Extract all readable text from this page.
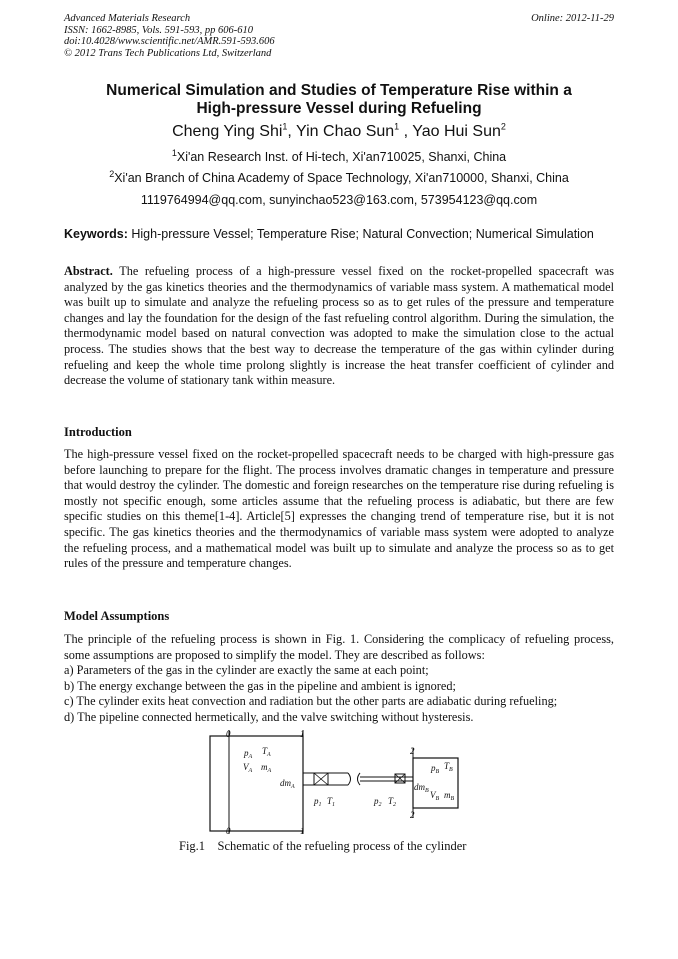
Advanced Materials Research
ISSN: 1662-8985, Vols. 591-593, pp 606-610
doi:10.4028/www.scientific.net/AMR.591-593.606
© 2012 Trans Tech Publications Ltd, Switzerland
Online: 2012-11-29
Numerical Simulation and Studies of Temperature Rise within a
High-pressure Vessel during Refueling
Cheng Ying Shi$^1$, Yin Chao Sun$^1$ , Yao Hui Sun$^2$
$^1$Xi'an Research Inst. of Hi-tech, Xi'an710025, Shanxi, China
$^2$Xi'an Branch of China Academy of Space Technology, Xi'an710000, Shanxi, China
1119764994@qq.com, sunyinchao523@163.com, 573954123@qq.com
Keywords: High-pressure Vessel; Temperature Rise; Natural Convection; Numerical Simulation

Abstract. The refueling process of a high-pressure vessel fixed on the rocket-propelled spacecraft was analyzed by the gas kinetics theories and the thermodynamics of variable mass system. A mathematical model was built up to simulate and analyze the refueling process so as to get rules of the pressure and temperature changes and lay the foundation for the design of the fast refueling control algorithm. During the simulation, the thermodynamic model based on natural convection was adopted to make the simulation close to the actual process. The studies shows that the best way to decrease the temperature of the gas within cylinder during refueling and keep the whole time prolong slightly is increase the heat transfer coefficient of cylinder and decrease the volume of stationary tank within measure.

Introduction

The high-pressure vessel fixed on the rocket-propelled spacecraft needs to be charged with high-pressure gas before launching to prepare for the flight. The process involves dramatic changes in temperature and pressure that would destroy the cylinder. The domestic and foreign researches on the temperature rise during refueling is mostly not specific enough, some articles assume that the refueling process is adiabatic, but there are few specific studies on this theme[1-4]. Article[5] expresses the changing trend of temperature rise, but it is not specific. The gas kinetics theories and the thermodynamics of variable mass system were adopted to analyze the refueling process, and a mathematical model was built up to simulate and analyze the process so as to get rules of the pressure and temperature changes.

Model Assumptions

The principle of the refueling process is shown in Fig. 1. Considering the complicacy of refueling process, some assumptions are proposed to simplify the model. They are described as follows:

a) Parameters of the gas in the cylinder are exactly the same at each point;
b) The energy exchange between the gas in the pipeline and ambient is ignored;
c) The cylinder exits heat convection and radiation but the other parts are adiabatic during refueling;
d) The pipeline connected hermetically, and the valve switching without hysteresis.
0	1
2
0	1
2
$p_A$
$T_A$
$V_A$ $m_A$
$dm_A$
$p_1$ $T_1$	$p_2$ $T_2$
$p_B$
$T_B$
$dm_B$ $V_B$ $m_B$
Fig.1    Schematic of the refueling process of the cylinder
